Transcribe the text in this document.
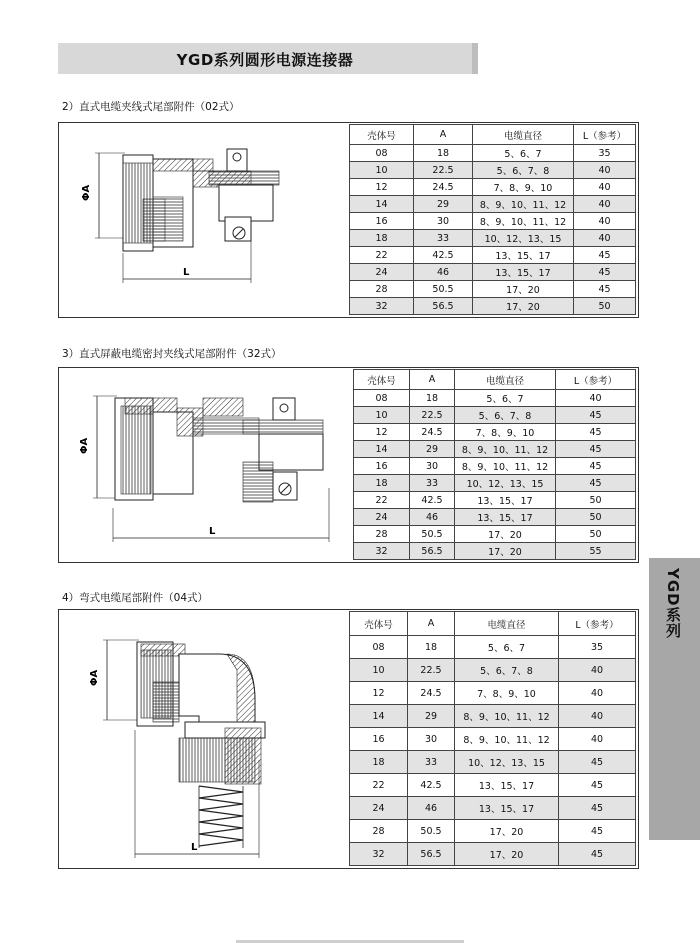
YGD系列圆形电源连接器
2）直式电缆夹线式尾部附件（02式）
ΦA
L
壳体号	A	电缆直径	L（参考）
08	18	5、6、7	35
10	22.5	5、6、7、8	40
12	24.5	7、8、9、10	40
14	29	8、9、10、11、12	40
16	30	8、9、10、11、12	40
18	33	10、12、13、15	40
22	42.5	13、15、17	45
24	46	13、15、17	45
28	50.5	17、20	45
32	56.5	17、20	50
3）直式屏蔽电缆密封夹线式尾部附件（32式）
ΦA
L
壳体号	A	电缆直径	L（参考）
08	18	5、6、7	40
10	22.5	5、6、7、8	45
12	24.5	7、8、9、10	45
14	29	8、9、10、11、12	45
16	30	8、9、10、11、12	45
18	33	10、12、13、15	45
22	42.5	13、15、17	50
24	46	13、15、17	50
28	50.5	17、20	50
32	56.5	17、20	55
4）弯式电缆尾部附件（04式）
ΦA
L
壳体号	A	电缆直径	L（参考）
08	18	5、6、7	35
10	22.5	5、6、7、8	40
12	24.5	7、8、9、10	40
14	29	8、9、10、11、12	40
16	30	8、9、10、11、12	40
18	33	10、12、13、15	45
22	42.5	13、15、17	45
24	46	13、15、17	45
28	50.5	17、20	45
32	56.5	17、20	45
YGD系列
